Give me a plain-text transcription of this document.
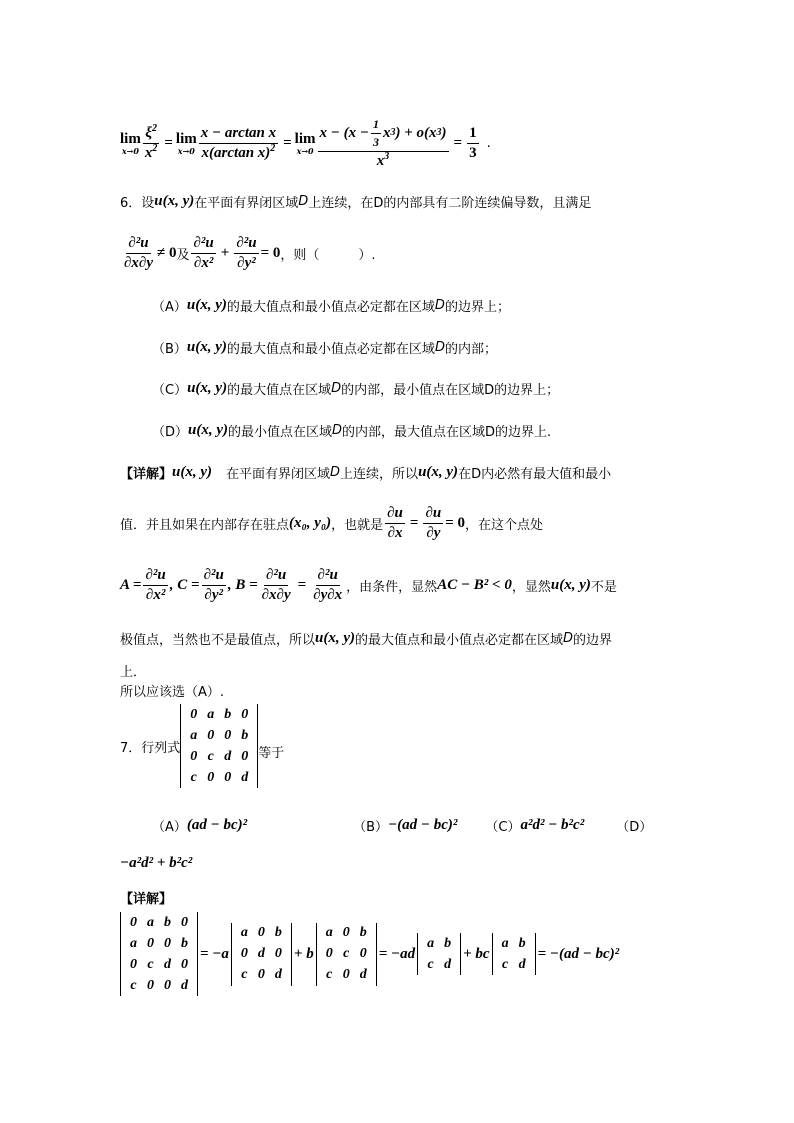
lim
$x\to 0 \frac{\xi^2}{x^2} = \lim$
$x\to 0 \frac{\text{x − arctan x}}{x(\arctan x)^2} = \lim$
x→0
$x - (x - \frac{1}{3}$ x 3 ) + o(x 3 )
$x^3$
= $\frac{1}{3}$ .
6．设 u(x, y) 在平面有界闭区域 D 上连续，在D的内部具有二阶连续偏导数，且满足
$\frac{\text{∂²u}}{\partial x\partial y} \ne 0$ 及 $\frac{\text{∂²u}}{\text{∂x²}} + \frac{\text{∂²u}}{\text{∂y²}} = 0$ ，则（　　　）.
（A） u(x, y) 的最大值点和最小值点必定都在区域 D 的边界上；
（B） u(x, y) 的最大值点和最小值点必定都在区域 D 的内部；
（C） u(x, y) 的最大值点在区域 D 的内部，最小值点在区域D的边界上；
（D） u(x, y) 的最小值点在区域 D 的内部，最大值点在区域D的边界上.
【详解】 u(x, y) 在平面有界闭区域 D 上连续，所以 u(x, y) 在D内必然有最大值和最小
值．并且如果在内部存在驻点 (x₀, y₀) ，也就是 $\frac{\partial u}{\partial x} = \frac{\partial u}{\partial y} = 0$ ，在这个点处
$A = \frac{\text{∂²u}}{\text{∂x²}}$ , $C = \frac{\text{∂²u}}{\text{∂y²}}$ , $B = \frac{\text{∂²u}}{\partial x\partial y} = \frac{\text{∂²u}}{\partial y\partial x}$ ，由条件，显然 AC − B² < 0 ，显然 u(x, y) 不是
极值点，当然也不是最值点，所以 u(x, y) 的最大值点和最小值点必定都在区域 D 的边界
上．
所以应该选（A）.
7．行列式
0	a	b	0
a	0	0	b
0	c	d	0
c	0	0	d
等于
（A） (ad − bc)²	（B） −(ad − bc)² （C） a²d² − b²c² （D）
−a²d² + b²c²
【详解】
0	a	b	0
a	0	0	b
0	c	d	0
c	0	0	d
= −a
a	0	b
0	d	0
c	0	d
+ b
a	0	b
0	c	0
c	0	d
= −ad
a	b
c	d
+ bc
a	b
c	d
= −(ad − bc)²
